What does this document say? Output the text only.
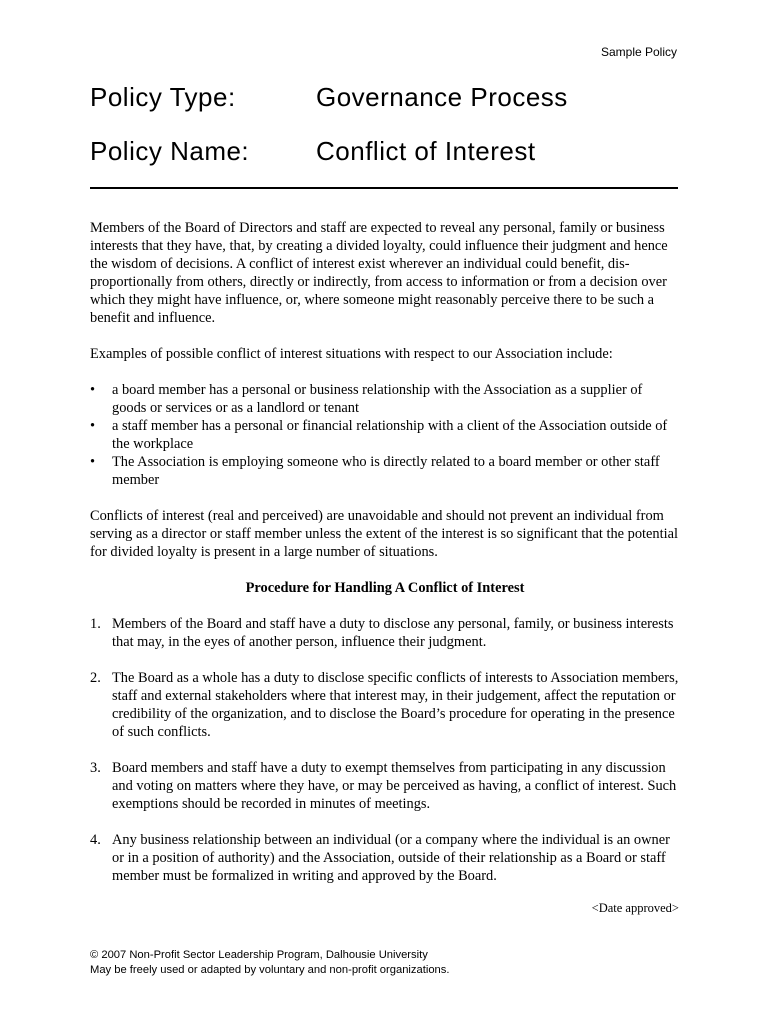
Sample Policy
Policy Type:	Governance Process
Policy Name:	Conflict of Interest

Members of the Board of Directors and staff are expected to reveal any personal, family or business interests that they have, that, by creating a divided loyalty, could influence their judgment and hence the wisdom of decisions. A conflict of interest exist wherever an individual could benefit, dis-proportionally from others, directly or indirectly, from access to information or from a decision over which they might have influence, or, where someone might reasonably perceive there to be such a benefit and influence.

Examples of possible conflict of interest situations with respect to our Association include:

• a board member has a personal or business relationship with the Association as a supplier of goods or services or as a landlord or tenant
• a staff member has a personal or financial relationship with a client of the Association outside of the workplace
• The Association is employing someone who is directly related to a board member or other staff member

Conflicts of interest (real and perceived) are unavoidable and should not prevent an individual from serving as a director or staff member unless the extent of the interest is so significant that the potential for divided loyalty is present in a large number of situations.

Procedure for Handling A Conflict of Interest
1. Members of the Board and staff have a duty to disclose any personal, family, or business interests that may, in the eyes of another person, influence their judgment.
2. The Board as a whole has a duty to disclose specific conflicts of interests to Association members, staff and external stakeholders where that interest may, in their judgement, affect the reputation or credibility of the organization, and to disclose the Board’s procedure for operating in the presence of such conflicts.
3. Board members and staff have a duty to exempt themselves from participating in any discussion and voting on matters where they have, or may be perceived as having, a conflict of interest. Such exemptions should be recorded in minutes of meetings.
4. Any business relationship between an individual (or a company where the individual is an owner or in a position of authority) and the Association, outside of their relationship as a Board or staff member must be formalized in writing and approved by the Board.
<Date approved>
© 2007 Non-Profit Sector Leadership Program, Dalhousie University
May be freely used or adapted by voluntary and non-profit organizations.
